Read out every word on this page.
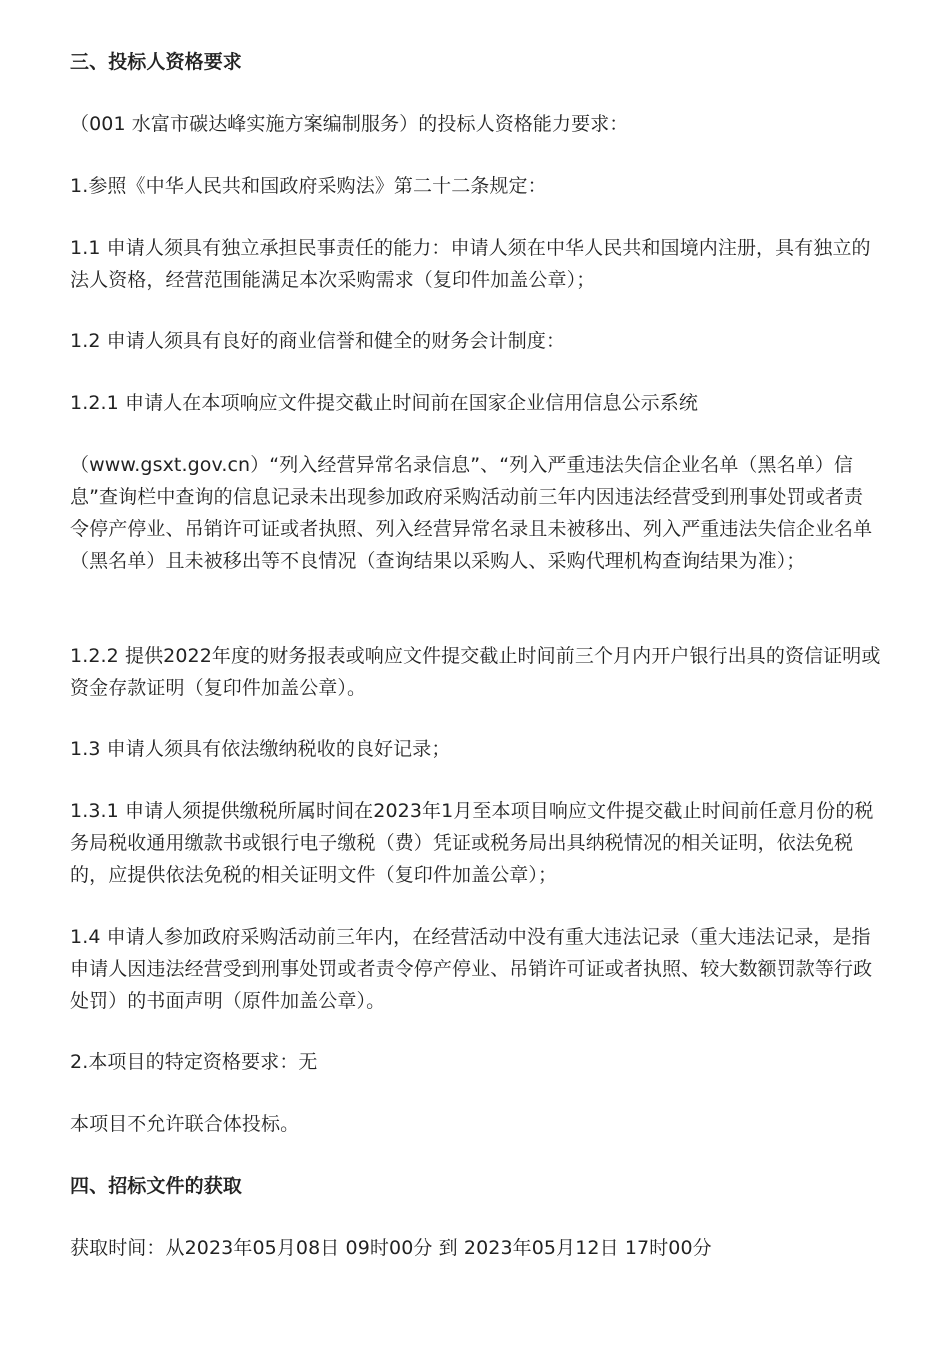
三、投标人资格要求

（001 水富市碳达峰实施方案编制服务）的投标人资格能力要求：

1.参照《中华人民共和国政府采购法》第二十二条规定：

1.1 申请人须具有独立承担民事责任的能力：申请人须在中华人民共和国境内注册，具有独立的法人资格，经营范围能满足本次采购需求（复印件加盖公章）；

1.2 申请人须具有良好的商业信誉和健全的财务会计制度：

1.2.1 申请人在本项响应文件提交截止时间前在国家企业信用信息公示系统

（www.gsxt.gov.cn）“列入经营异常名录信息”、“列入严重违法失信企业名单（黑名单）信息”查询栏中查询的信息记录未出现参加政府采购活动前三年内因违法经营受到刑事处罚或者责令停产停业、吊销许可证或者执照、列入经营异常名录且未被移出、列入严重违法失信企业名单（黑名单）且未被移出等不良情况（查询结果以采购人、采购代理机构查询结果为准）；

1.2.2 提供2022年度的财务报表或响应文件提交截止时间前三个月内开户银行出具的资信证明或资金存款证明（复印件加盖公章）。

1.3 申请人须具有依法缴纳税收的良好记录；

1.3.1 申请人须提供缴税所属时间在2023年1月至本项目响应文件提交截止时间前任意月份的税务局税收通用缴款书或银行电子缴税（费）凭证或税务局出具纳税情况的相关证明，依法免税的，应提供依法免税的相关证明文件（复印件加盖公章）；

1.4 申请人参加政府采购活动前三年内，在经营活动中没有重大违法记录（重大违法记录，是指申请人因违法经营受到刑事处罚或者责令停产停业、吊销许可证或者执照、较大数额罚款等行政处罚）的书面声明（原件加盖公章）。

2.本项目的特定资格要求：无

本项目不允许联合体投标。

四、招标文件的获取

获取时间：从2023年05月08日 09时00分 到 2023年05月12日 17时00分
